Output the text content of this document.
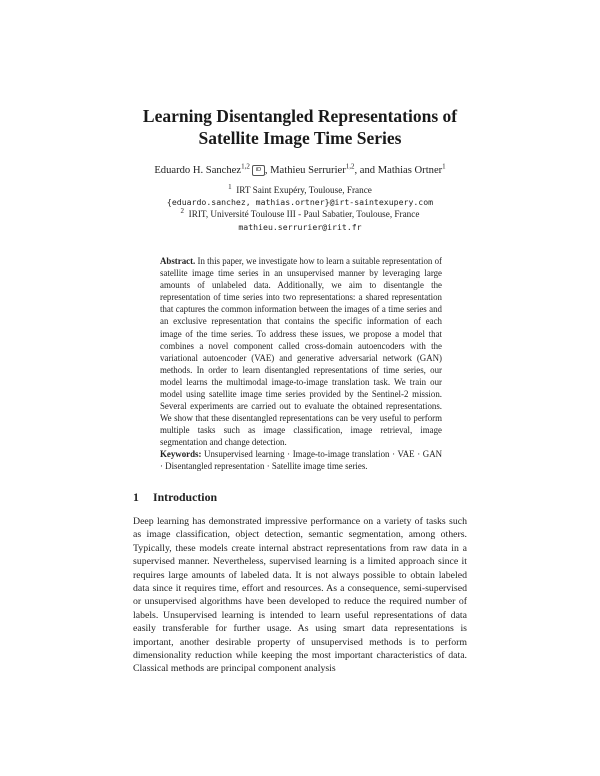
Learning Disentangled Representations of
Satellite Image Time Series
Eduardo H. Sanchez$^{1,2}$ iD , Mathieu Serrurier$^{1,2}$, and Mathias Ortner$^1$
$^1$ IRT Saint Exupéry, Toulouse, France
{eduardo.sanchez, mathias.ortner}@irt-saintexupery.com
$^2$ IRIT, Université Toulouse III - Paul Sabatier, Toulouse, France
mathieu.serrurier@irit.fr
Abstract. In this paper, we investigate how to learn a suitable representation of satellite image time series in an unsupervised manner by leveraging large amounts of unlabeled data. Additionally, we aim to disentangle the representation of time series into two representations: a shared representation that captures the common information between the images of a time series and an exclusive representation that contains the specific information of each image of the time series. To address these issues, we propose a model that combines a novel component called cross-domain autoencoders with the variational autoencoder (VAE) and generative adversarial network (GAN) methods. In order to learn disentangled representations of time series, our model learns the multimodal image-to-image translation task. We train our model using satellite image time series provided by the Sentinel-2 mission. Several experiments are carried out to evaluate the obtained representations. We show that these disentangled representations can be very useful to perform multiple tasks such as image classification, image retrieval, image segmentation and change detection.
Keywords: Unsupervised learning · Image-to-image translation · VAE · GAN · Disentangled representation · Satellite image time series.
1 Introduction

Deep learning has demonstrated impressive performance on a variety of tasks such as image classification, object detection, semantic segmentation, among others. Typically, these models create internal abstract representations from raw data in a supervised manner. Nevertheless, supervised learning is a limited approach since it requires large amounts of labeled data. It is not always possible to obtain labeled data since it requires time, effort and resources. As a consequence, semi-supervised or unsupervised algorithms have been developed to reduce the required number of labels. Unsupervised learning is intended to learn useful representations of data easily transferable for further usage. As using smart data representations is important, another desirable property of unsupervised methods is to perform dimensionality reduction while keeping the most important characteristics of data. Classical methods are principal component analysis
